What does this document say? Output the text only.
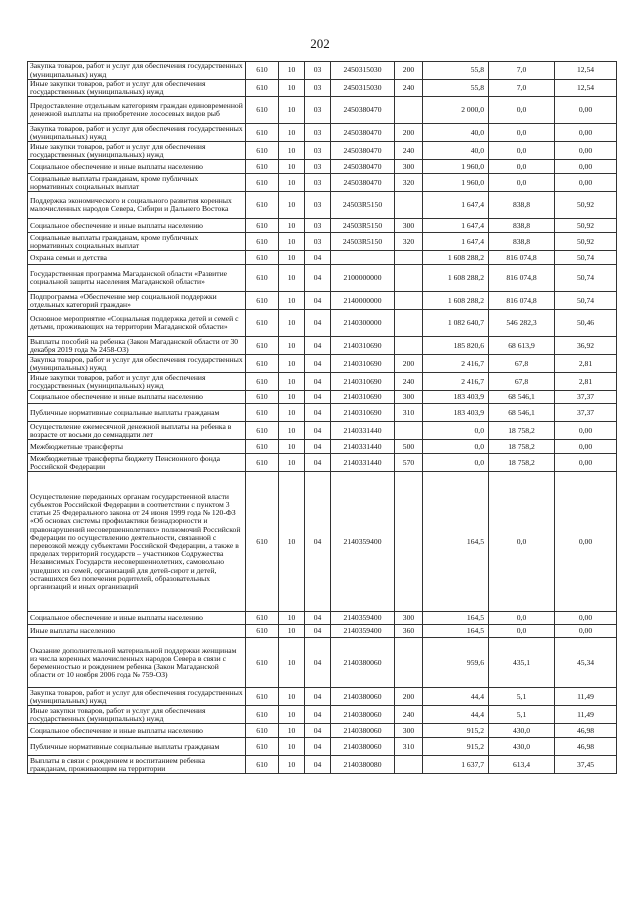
202
Закупка товаров, работ и услуг для обеспечения государственных (муниципальных) нужд	610	10	03	2450315030	200	55,8	7,0	12,54
Иные закупки товаров, работ и услуг для обеспечения государственных (муниципальных) нужд	610	10	03	2450315030	240	55,8	7,0	12,54
Предоставление отдельным категориям граждан единовременной денежной выплаты на приобретение лососевых видов рыб	610	10	03	2450380470		2 000,0	0,0	0,00
Закупка товаров, работ и услуг для обеспечения государственных (муниципальных) нужд	610	10	03	2450380470	200	40,0	0,0	0,00
Иные закупки товаров, работ и услуг для обеспечения государственных (муниципальных) нужд	610	10	03	2450380470	240	40,0	0,0	0,00
Социальное обеспечение и иные выплаты населению	610	10	03	2450380470	300	1 960,0	0,0	0,00
Социальные выплаты гражданам, кроме публичных нормативных социальных выплат	610	10	03	2450380470	320	1 960,0	0,0	0,00
Поддержка экономического и социального развития коренных малочисленных народов Севера, Сибири и Дальнего Востока	610	10	03	24503R5150		1 647,4	838,8	50,92
Социальное обеспечение и иные выплаты населению	610	10	03	24503R5150	300	1 647,4	838,8	50,92
Социальные выплаты гражданам, кроме публичных нормативных социальных выплат	610	10	03	24503R5150	320	1 647,4	838,8	50,92
Охрана семьи и детства	610	10	04			1 608 288,2	816 074,8	50,74
Государственная программа Магаданской области «Развитие социальной защиты населения Магаданской области»	610	10	04	2100000000		1 608 288,2	816 074,8	50,74
Подпрограмма «Обеспечение мер социальной поддержки отдельных категорий граждан»	610	10	04	2140000000		1 608 288,2	816 074,8	50,74
Основное мероприятие «Социальная поддержка детей и семей с детьми, проживающих на территории Магаданской области»	610	10	04	2140300000		1 082 640,7	546 282,3	50,46
Выплаты пособий на ребенка (Закон Магаданской области от 30 декабря 2019 года № 2458-ОЗ)	610	10	04	2140310690		185 820,6	68 613,9	36,92
Закупка товаров, работ и услуг для обеспечения государственных (муниципальных) нужд	610	10	04	2140310690	200	2 416,7	67,8	2,81
Иные закупки товаров, работ и услуг для обеспечения государственных (муниципальных) нужд	610	10	04	2140310690	240	2 416,7	67,8	2,81
Социальное обеспечение и иные выплаты населению	610	10	04	2140310690	300	183 403,9	68 546,1	37,37
Публичные нормативные социальные выплаты гражданам	610	10	04	2140310690	310	183 403,9	68 546,1	37,37
Осуществление ежемесячной денежной выплаты на ребенка в возрасте от восьми до семнадцати лет	610	10	04	2140331440		0,0	18 758,2	0,00
Межбюджетные трансферты	610	10	04	2140331440	500	0,0	18 758,2	0,00
Межбюджетные трансферты бюджету Пенсионного фонда Российской Федерации	610	10	04	2140331440	570	0,0	18 758,2	0,00
Осуществление переданных органам государственной власти субъектов Российской Федерации в соответствии с пунктом 3 статьи 25 Федерального закона от 24 июня 1999 года № 120-ФЗ «Об основах системы профилактики безнадзорности и правонарушений несовершеннолетних» полномочий Российской Федерации по осуществлению деятельности, связанной с перевозкой между субъектами Российской Федерации, а также в пределах территорий государств – участников Содружества Независимых Государств несовершеннолетних, самовольно ушедших из семей, организаций для детей-сирот и детей, оставшихся без попечения родителей, образовательных организаций и иных организаций	610	10	04	2140359400		164,5	0,0	0,00
Социальное обеспечение и иные выплаты населению	610	10	04	2140359400	300	164,5	0,0	0,00
Иные выплаты населению	610	10	04	2140359400	360	164,5	0,0	0,00
Оказание дополнительной материальной поддержки женщинам из числа коренных малочисленных народов Севера в связи с беременностью и рождением ребенка (Закон Магаданской области от 10 ноября 2006 года № 759-ОЗ)	610	10	04	2140380060		959,6	435,1	45,34
Закупка товаров, работ и услуг для обеспечения государственных (муниципальных) нужд	610	10	04	2140380060	200	44,4	5,1	11,49
Иные закупки товаров, работ и услуг для обеспечения государственных (муниципальных) нужд	610	10	04	2140380060	240	44,4	5,1	11,49
Социальное обеспечение и иные выплаты населению	610	10	04	2140380060	300	915,2	430,0	46,98
Публичные нормативные социальные выплаты гражданам	610	10	04	2140380060	310	915,2	430,0	46,98
Выплаты в связи с рождением и воспитанием ребенка гражданам, проживающим на территории	610	10	04	2140380080		1 637,7	613,4	37,45
